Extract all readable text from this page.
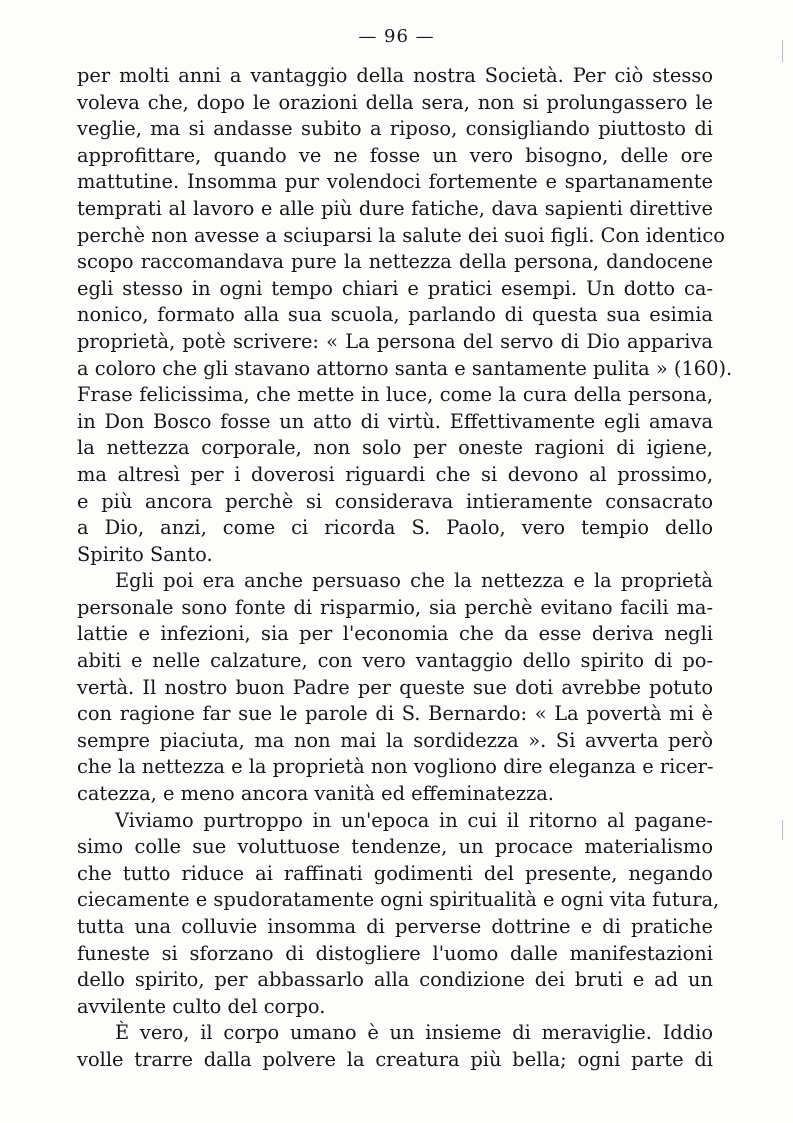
— 96 —
per molti anni a vantaggio della nostra Società. Per ciò stesso
voleva che, dopo le orazioni della sera, non si prolungassero le
veglie, ma si andasse subito a riposo, consigliando piuttosto di
approfittare, quando ve ne fosse un vero bisogno, delle ore
mattutine. Insomma pur volendoci fortemente e spartanamente
temprati al lavoro e alle più dure fatiche, dava sapienti direttive
perchè non avesse a sciuparsi la salute dei suoi figli. Con identico
scopo raccomandava pure la nettezza della persona, dandocene
egli stesso in ogni tempo chiari e pratici esempi. Un dotto ca-
nonico, formato alla sua scuola, parlando di questa sua esimia
proprietà, potè scrivere: « La persona del servo di Dio appariva
a coloro che gli stavano attorno santa e santamente pulita » (160).
Frase felicissima, che mette in luce, come la cura della persona,
in Don Bosco fosse un atto di virtù. Effettivamente egli amava
la nettezza corporale, non solo per oneste ragioni di igiene,
ma altresì per i doverosi riguardi che si devono al prossimo,
e più ancora perchè si considerava intieramente consacrato
a Dio, anzi, come ci ricorda S. Paolo, vero tempio dello
Spirito Santo.
Egli poi era anche persuaso che la nettezza e la proprietà
personale sono fonte di risparmio, sia perchè evitano facili ma-
lattie e infezioni, sia per l'economia che da esse deriva negli
abiti e nelle calzature, con vero vantaggio dello spirito di po-
vertà. Il nostro buon Padre per queste sue doti avrebbe potuto
con ragione far sue le parole di S. Bernardo: « La povertà mi è
sempre piaciuta, ma non mai la sordidezza ». Si avverta però
che la nettezza e la proprietà non vogliono dire eleganza e ricer-
catezza, e meno ancora vanità ed effeminatezza.
Viviamo purtroppo in un'epoca in cui il ritorno al pagane-
simo colle sue voluttuose tendenze, un procace materialismo
che tutto riduce ai raffinati godimenti del presente, negando
ciecamente e spudoratamente ogni spiritualità e ogni vita futura,
tutta una colluvie insomma di perverse dottrine e di pratiche
funeste si sforzano di distogliere l'uomo dalle manifestazioni
dello spirito, per abbassarlo alla condizione dei bruti e ad un
avvilente culto del corpo.
È vero, il corpo umano è un insieme di meraviglie. Iddio
volle trarre dalla polvere la creatura più bella; ogni parte di
